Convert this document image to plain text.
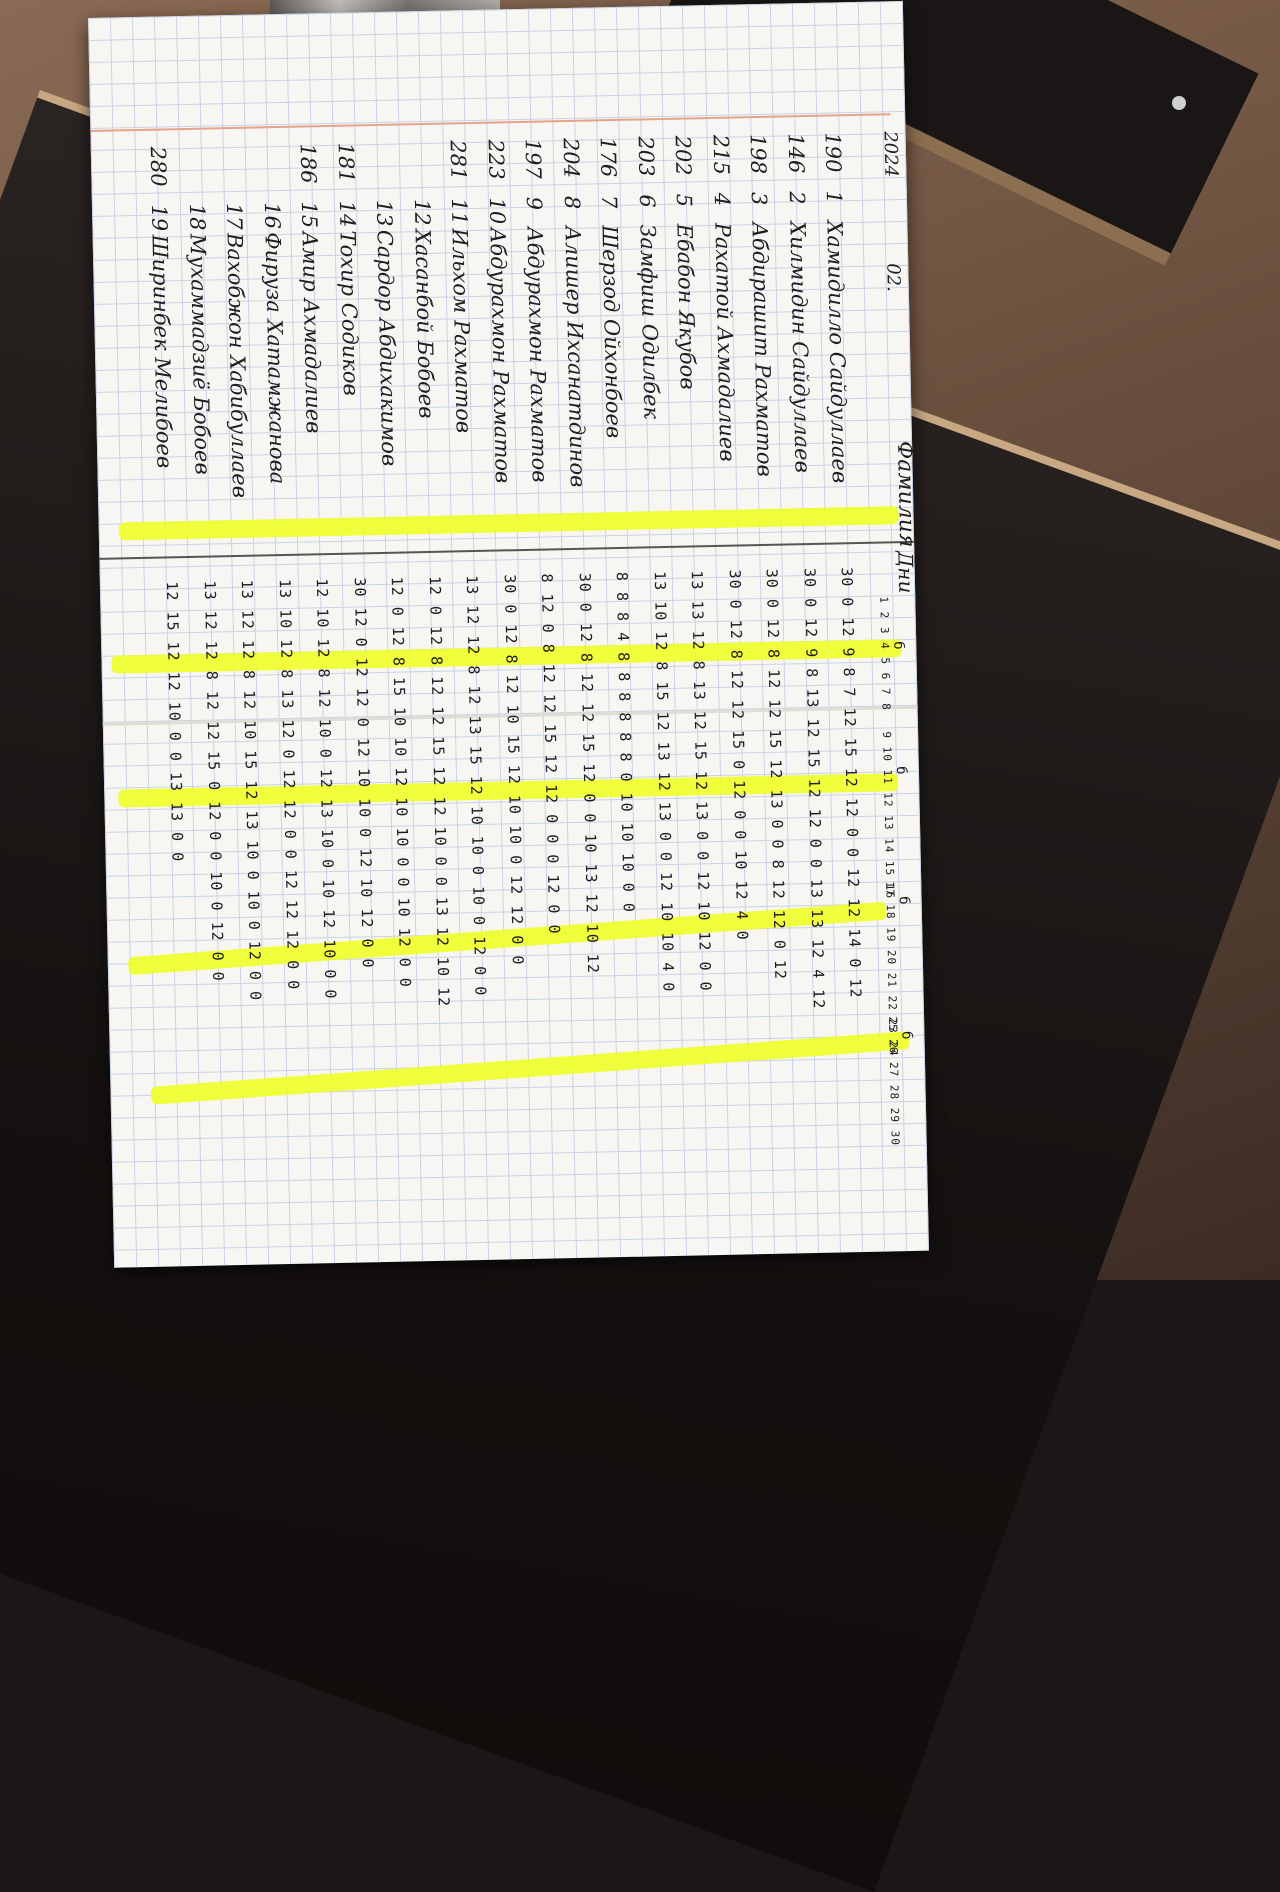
2024
02.
Фамилия
Дни
1 2 3 4 5 6 7 8
9 10 11 12 13 14 15 16
17 18 19 20 21 22 23 24
25 26 27 28 29 30
б
б
б
б
1901Хамидилло Сайдуллаев
30 0 12 9 8 7 12 15 12 12 0 0 12 12 14 0 12
1462Хилмидин Сайдуллаев
30 0 12 9 8 13 12 15 12 12 0 0 13 13 12 4 12
1983Абдирашит Рахматов
30 0 12 8 12 12 15 12 13 0 0 8 12 12 0 12
2154Рахатой Ахмадалиев
30 0 12 8 12 12 15 0 12 0 0 10 12 4 0
2025Ебабон Якубов
13 13 12 8 13 12 15 12 13 0 0 12 10 12 0 0
2036Замфиш Одилбек
13 10 12 8 15 12 13 12 13 0 0 12 10 10 4 0
1767Шерзод Ойхонбоев
8 8 8 4 8 8 8 8 8 8 0 10 10 10 0 0
2048Алишер Ихсанатдинов
30 0 12 8 12 12 15 12 0 0 10 13 12 10 12
1979Абдурахмон Рахматов
8 12 0 8 12 12 15 12 12 0 0 0 12 0 0
22310Абдурахмон Рахматов
30 0 12 8 12 10 15 12 10 10 0 12 12 0 0
28111Ильхом Рахматов
13 12 12 8 12 13 15 12 10 10 0 10 0 12 0 0
12Хасанбой Бобоев
12 0 12 8 12 12 15 12 12 10 0 0 13 12 10 12
13Сардор Абдихакимов
12 0 12 8 15 10 10 12 10 10 0 0 10 12 0 0
18114Тохир Содиков
30 12 0 12 12 0 12 10 10 0 12 10 12 0 0
18615Амир Ахмадалиев
12 10 12 8 12 10 0 12 13 10 0 10 12 10 0 0
16Фируза Хатамжанова
13 10 12 8 13 12 0 12 12 0 0 12 12 12 0 0
17Вахобжон Хабибуллаев
13 12 12 8 12 10 15 12 13 10 0 10 0 12 0 0
18Мухаммадзиё Бобоев
13 12 12 8 12 12 15 0 12 0 0 10 0 12 0 0
28019Ширинбек Мелибоев
12 15 12 12 10 0 0 13 13 0 0
